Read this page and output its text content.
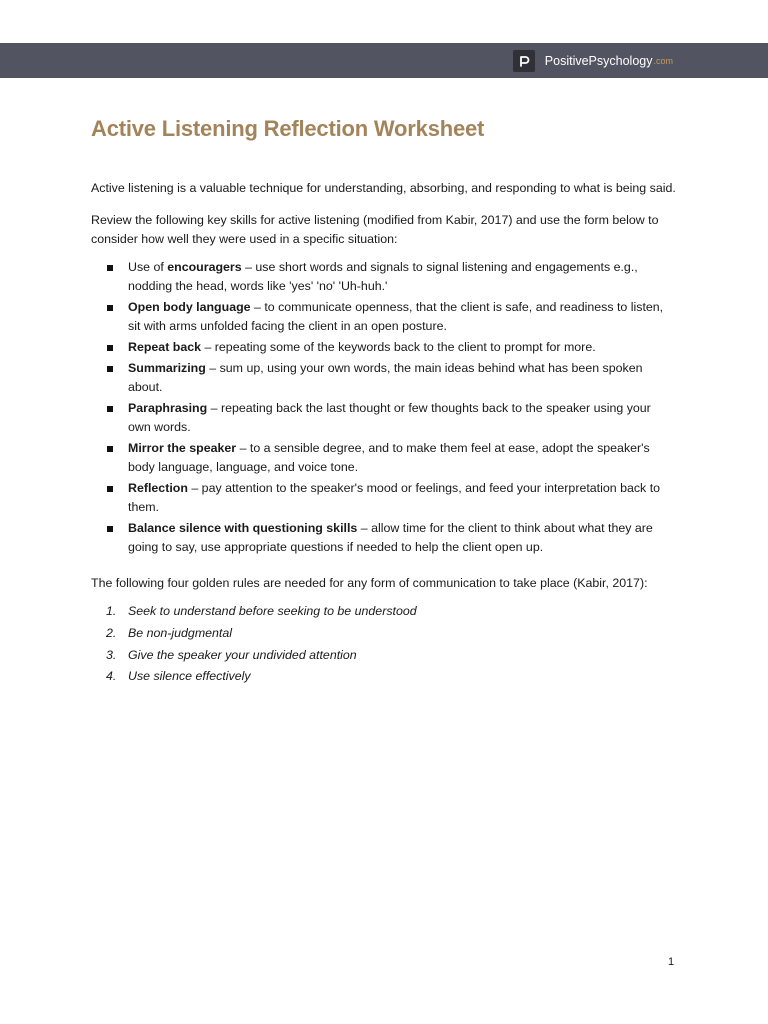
PositivePsychology .com
Active Listening Reflection Worksheet

Active listening is a valuable technique for understanding, absorbing, and responding to what is being said.

Review the following key skills for active listening (modified from Kabir, 2017) and use the form below to consider how well they were used in a specific situation:

Use of encouragers – use short words and signals to signal listening and engagements e.g., nodding the head, words like 'yes' 'no' 'Uh-huh.'
Open body language – to communicate openness, that the client is safe, and readiness to listen, sit with arms unfolded facing the client in an open posture.
Repeat back – repeating some of the keywords back to the client to prompt for more.
Summarizing – sum up, using your own words, the main ideas behind what has been spoken about.
Paraphrasing – repeating back the last thought or few thoughts back to the speaker using your own words.
Mirror the speaker – to a sensible degree, and to make them feel at ease, adopt the speaker's body language, language, and voice tone.
Reflection – pay attention to the speaker's mood or feelings, and feed your interpretation back to them.
Balance silence with questioning skills – allow time for the client to think about what they are going to say, use appropriate questions if needed to help the client open up.

The following four golden rules are needed for any form of communication to take place (Kabir, 2017):

1. Seek to understand before seeking to be understood
2. Be non-judgmental
3. Give the speaker your undivided attention
4. Use silence effectively

1
